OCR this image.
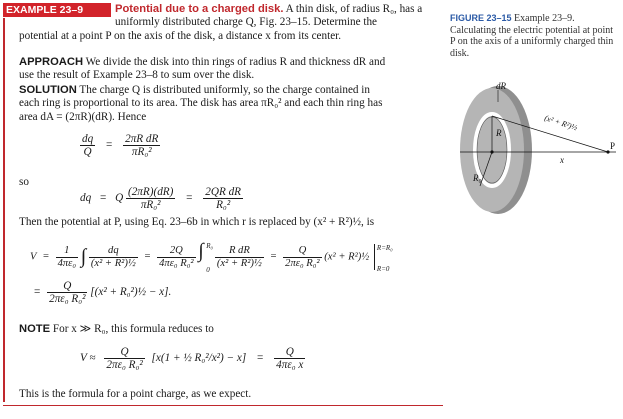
EXAMPLE 23–9	Potential due to a charged disk. A thin disk, of radius R₀, has a uniformly distributed charge Q, Fig. 23–15. Determine the
potential at a point P on the axis of the disk, a distance x from its center.
APPROACH We divide the disk into thin rings of radius R and thickness dR and
use the result of Example 23–8 to sum over the disk.
SOLUTION The charge Q is distributed uniformly, so the charge contained in
each ring is proportional to its area. The disk has area πR₀² and each thin ring has
area dA = (2πR)(dR). Hence
$\frac{dq}{Q} = \frac{\text{2πR dR}}{\text{πR₀²}}$
so
dq = Q $\frac{(2\pi R)(dR)}{\text{πR₀²}} = \frac{\text{2QR dR}}{\text{R₀²}}$
Then the potential at P, using Eq. 23–6b in which r is replaced by (x² + R²)½, is
$V = \frac{1}{\text{4πε₀}}$ ∫ $\frac{dq}{\text{(x² + R²)½}} = \frac{2Q}{\text{4πε₀ R₀²}}$
∫ R₀
0

$\frac{\text{R dR}}{\text{(x² + R²)½}} = \frac{Q}{\text{2πε₀ R₀²}} (x^2$ + R²)½
R=R₀
R=0
= $\frac{Q}{\text{2πε₀ R₀²}} [(x^2$ + R₀²)½ − x].
NOTE For x ≫ R₀, this formula reduces to
$V \approx \frac{Q}{\text{2πε₀ R₀²}} [x(1$ + ½ $R_0^2/x^2) - x] = \frac{Q}{\text{4πε₀ x}}$
This is the formula for a point charge, as we expect.
FIGURE 23–15 Example 23–9. Calculating the electric potential at point P on the axis of a uniformly charged thin disk.
dR
R
R₀
x
P
(x² + R²)½
